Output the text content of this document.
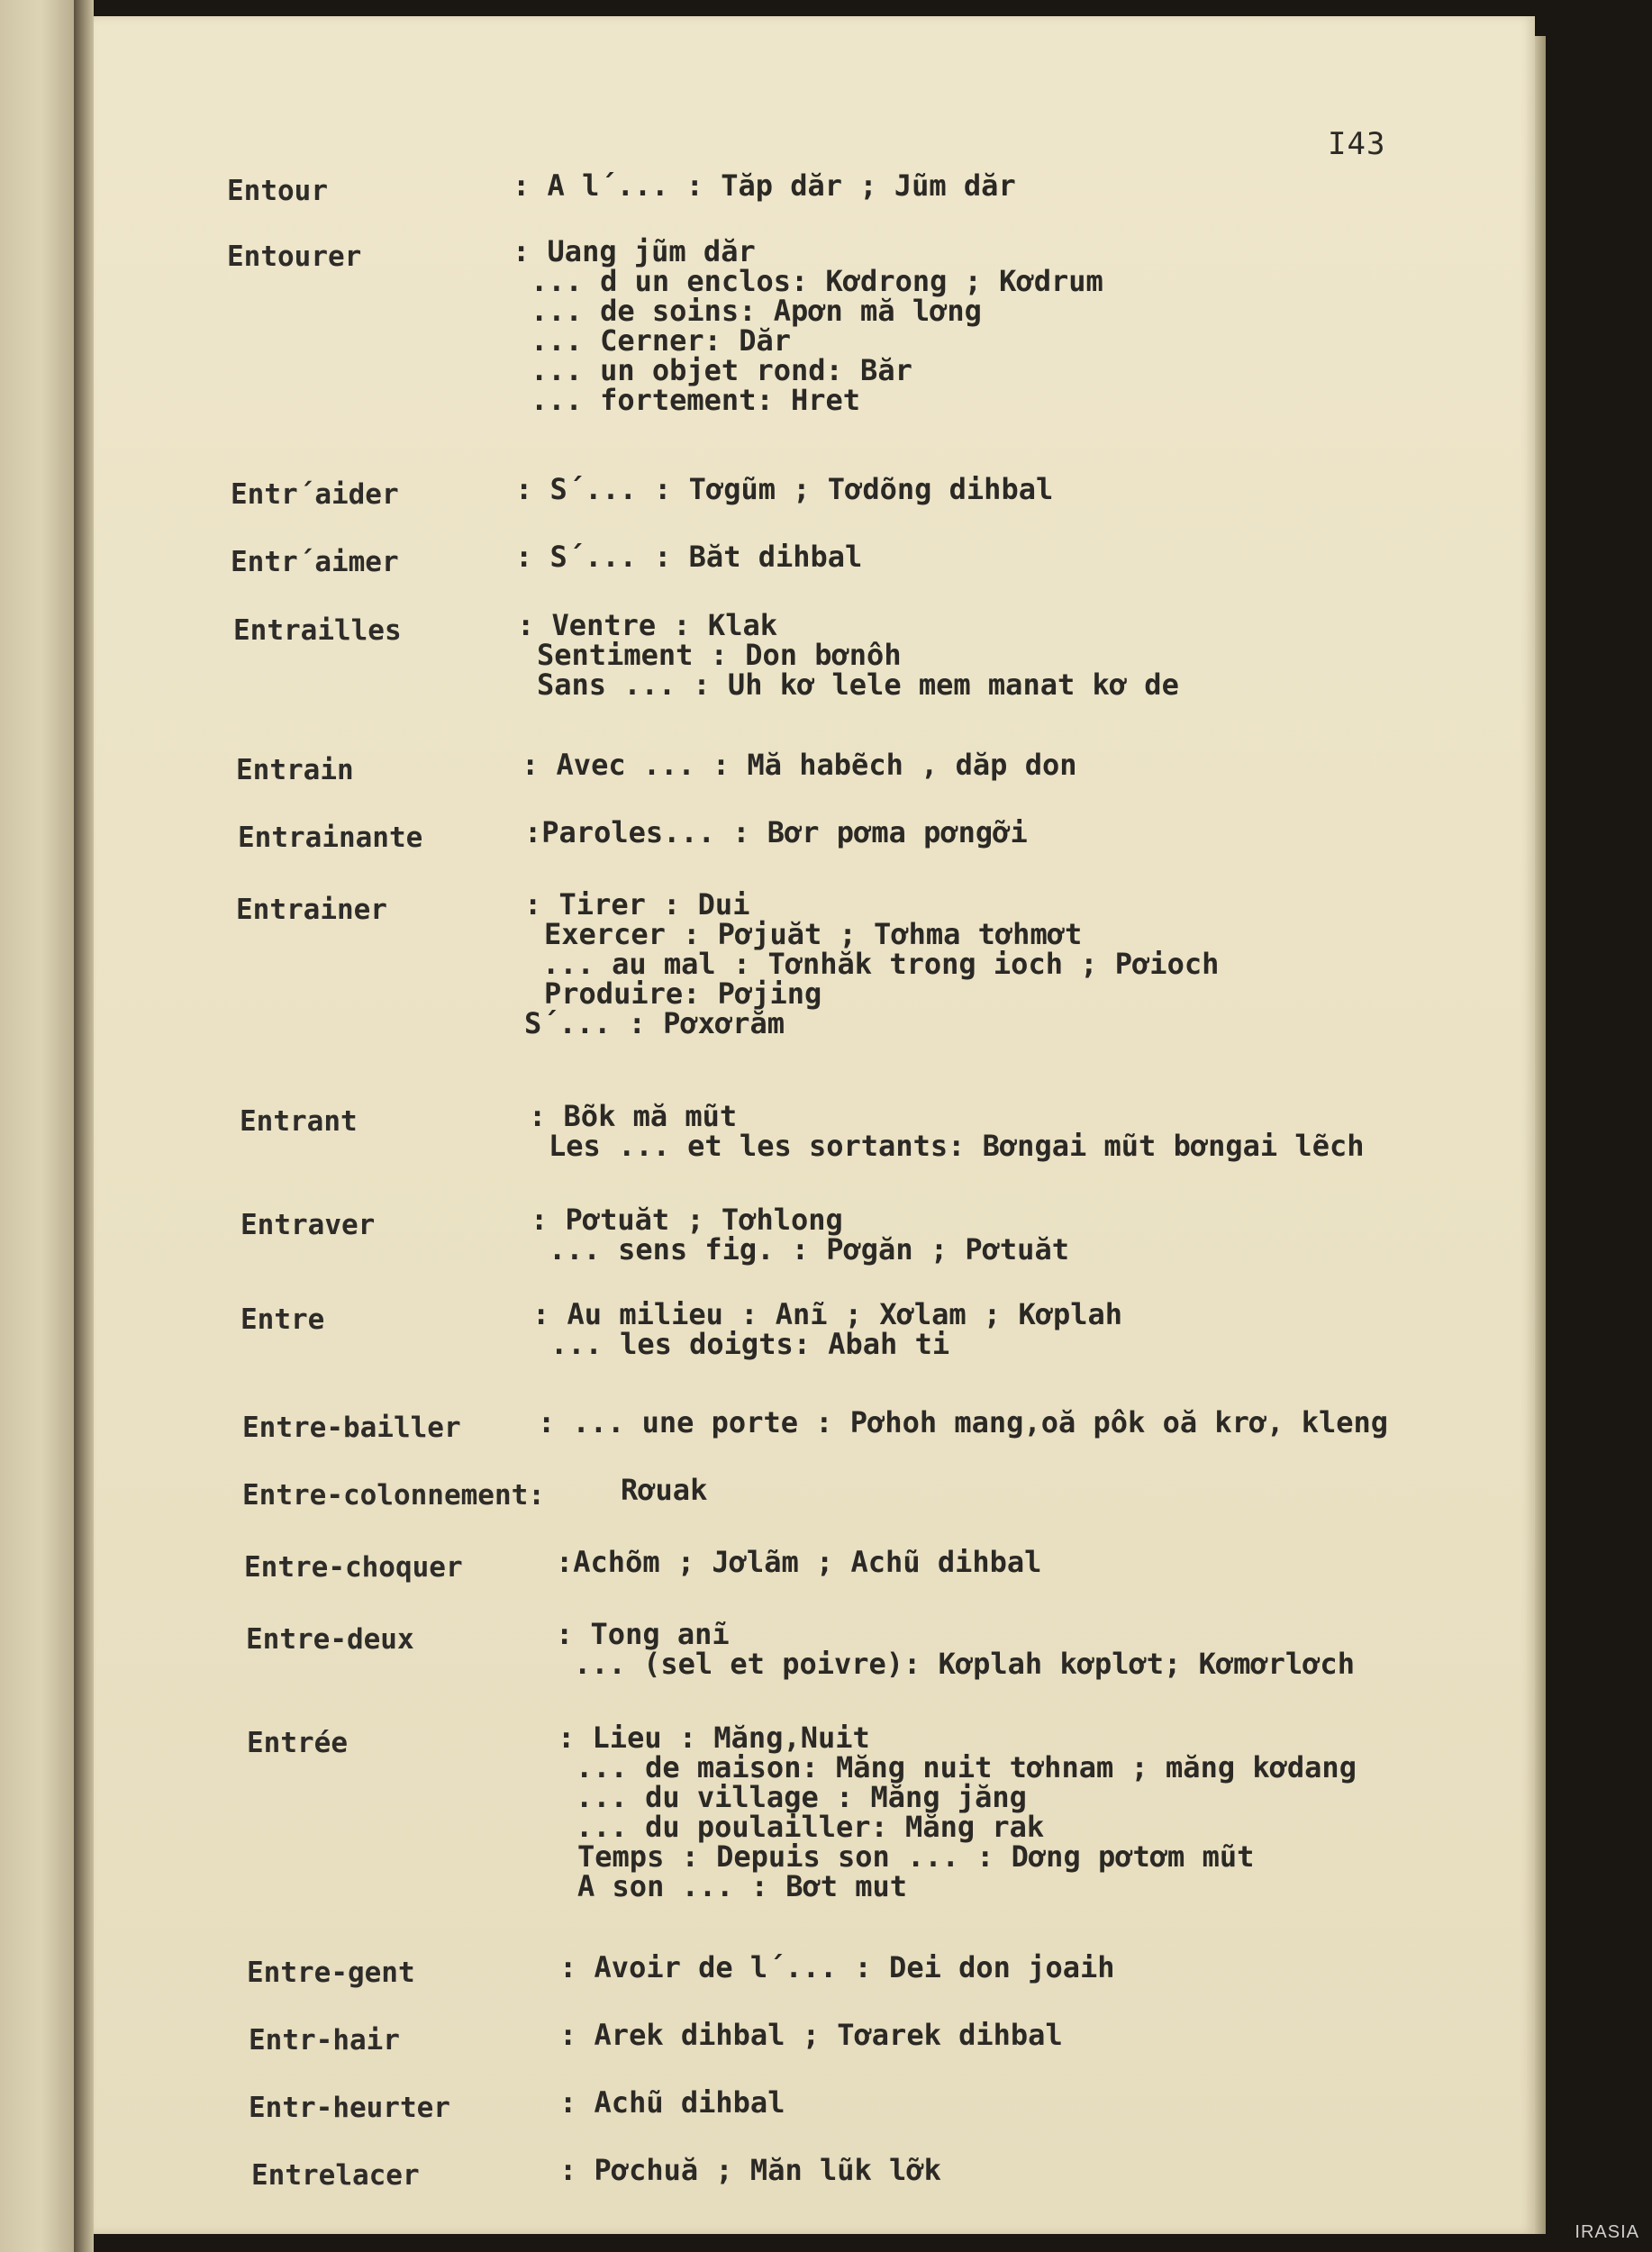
I43
Entour	: A l´... : Tăp dăr ; Jũm dăr
Entourer	: Uang jũm dăr
... d un enclos: Kơdrong ; Kơdrum
... de soins: Apơn mă lơng
... Cerner: Dăr
... un objet rond: Băr
... fortement: Hret
Entr´aider	: S´... : Tơgũm ; Tơdõng dihbal
Entr´aimer	: S´... : Băt dihbal
Entrailles	: Ventre : Klak
Sentiment : Don bơnôh
Sans ... : Uh kơ lele mem manat kơ de
Entrain	: Avec ... : Mă habẽch , dăp don
Entrainante	:Paroles... : Bơr pơma pơngỡi
Entrainer	: Tirer : Dui
Exercer : Pơjuăt ; Tơhma tơhmơt
... au mal : Tơnhăk trong ioch ; Pơioch
Produire: Pơjing
S´... : Pơxơrăm
Entrant	: Bõk mă mũt
Les ... et les sortants: Bơngai mũt bơngai lẽch
Entraver	: Pơtuăt ; Tơhlong
... sens fig. : Pơgăn ; Pơtuăt
Entre	: Au milieu : Anĩ ; Xơlam ; Kơplah
... les doigts: Abah ti
Entre-bailler	: ... une porte : Pơhoh mang,oă pôk oă krơ, kleng
Entre-colonnement:	Rơuak
Entre-choquer	:Achõm ; Jơlãm ; Achũ dihbal
Entre-deux	: Tong anĩ
... (sel et poivre): Kơplah kơplơt; Kơmơrlơch
Entrée	: Lieu : Măng,Nuit
... de maison: Măng nuit tơhnam ; măng kơdang
... du village : Măng jăng
... du poulailler: Măng rak
Temps : Depuis son ... : Dơng pơtơm mũt
A son ... : Bơt mut
Entre-gent	: Avoir de l´... : Dei don joaih
Entr-hair	: Arek dihbal ; Tơarek dihbal
Entr-heurter	: Achũ dihbal
Entrelacer	: Pơchuă ; Măn lũk lỡk
IRASIA
